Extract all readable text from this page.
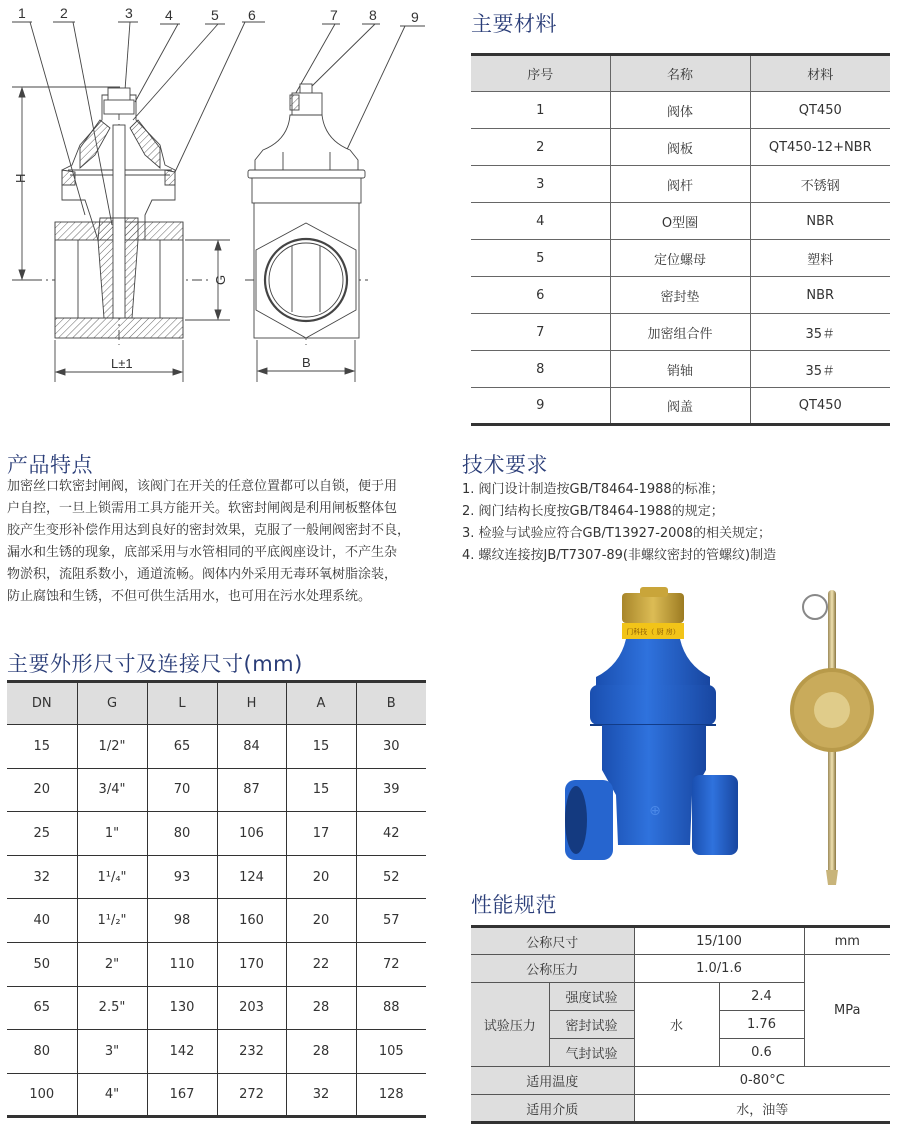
1 2	3 4	5 6	7 8 9
H
G
L±1	B
主要材料
序号	名称	材料
1	阀体	QT450
2	阀板	QT450-12+NBR
3	阀杆	不锈钢
4	O型圈	NBR
5	定位螺母	塑料
6	密封垫	NBR
7	加密组合件	35＃
8	销轴	35＃
9	阀盖	QT450
产品特点
加密丝口软密封闸阀，该阀门在开关的任意位置都可以自锁，便于用
户自控，一旦上锁需用工具方能开关。软密封闸阀是利用闸板整体包
胶产生变形补偿作用达到良好的密封效果，克服了一般闸阀密封不良，
漏水和生锈的现象，底部采用与水管相同的平底阀座设计，不产生杂
物淤积，流阻系数小，通道流畅。阀体内外采用无毒环氧树脂涂装，
防止腐蚀和生锈，不但可供生活用水，也可用在污水处理系统。
技术要求
1. 阀门设计制造按GB/T8464-1988的标准；
2. 阀门结构长度按GB/T8464-1988的规定；
3. 检验与试验应符合GB/T13927-2008的相关规定；
4. 螺纹连接按JB/T7307-89(非螺纹密封的管螺纹)制造
主要外形尺寸及连接尺寸(mm)
DN	G	L	H	A	B
15	1/2"	65	84	15	30
20	3/4"	70	87	15	39
25	1"	80	106	17	42
32	1¹/₄"	93	124	20	52
40	1¹/₂"	98	160	20	57
50	2"	110	170	22	72
65	2.5"	130	203	28	88
80	3"	142	232	28	105
100	4"	167	272	32	128
门科技（ 厨 房）
⊕
性能规范
公称尺寸		15/100		mm
公称压力		1.0/1.6		MPa
试验压力	强度试验	水	2.4	
	密封试验		1.76	
	气封试验		0.6	
适用温度		0-80°C		
适用介质		水，油等		
